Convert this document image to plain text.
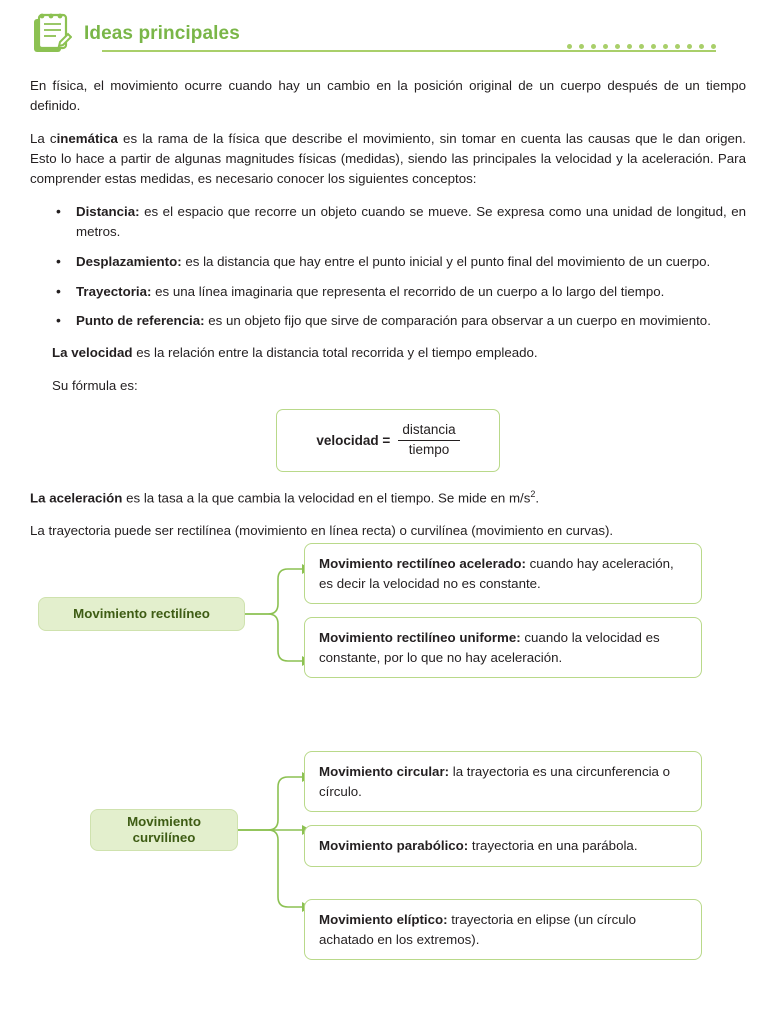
Ideas principales

En física, el movimiento ocurre cuando hay un cambio en la posición original de un cuerpo después de un tiempo definido.

La cinemática es la rama de la física que describe el movimiento, sin tomar en cuenta las causas que le dan origen. Esto lo hace a partir de algunas magnitudes físicas (medidas), siendo las principales la velocidad y la aceleración. Para comprender estas medidas, es necesario conocer los siguientes conceptos:

• Distancia: es el espacio que recorre un objeto cuando se mueve. Se expresa como una unidad de longitud, en metros.
• Desplazamiento: es la distancia que hay entre el punto inicial y el punto final del movimiento de un cuerpo.
• Trayectoria: es una línea imaginaria que representa el recorrido de un cuerpo a lo largo del tiempo.
• Punto de referencia: es un objeto fijo que sirve de comparación para observar a un cuerpo en movimiento.

La velocidad es la relación entre la distancia total recorrida y el tiempo empleado.

Su fórmula es:

velocidad = $\frac{\text{distancia}}{\text{tiempo}}$

La aceleración es la tasa a la que cambia la velocidad en el tiempo. Se mide en $m/s^2$.

La trayectoria puede ser rectilínea (movimiento en línea recta) o curvilínea (movimiento en curvas).

Movimiento rectilíneo
Movimiento rectilíneo acelerado: cuando hay aceleración, es decir la velocidad no es constante.
Movimiento rectilíneo uniforme: cuando la velocidad es constante, por lo que no hay aceleración.
Movimiento
curvilíneo
Movimiento circular: la trayectoria es una circunferencia o círculo.
Movimiento parabólico: trayectoria en una parábola.
Movimiento elíptico: trayectoria en elipse (un círculo achatado en los extremos).
